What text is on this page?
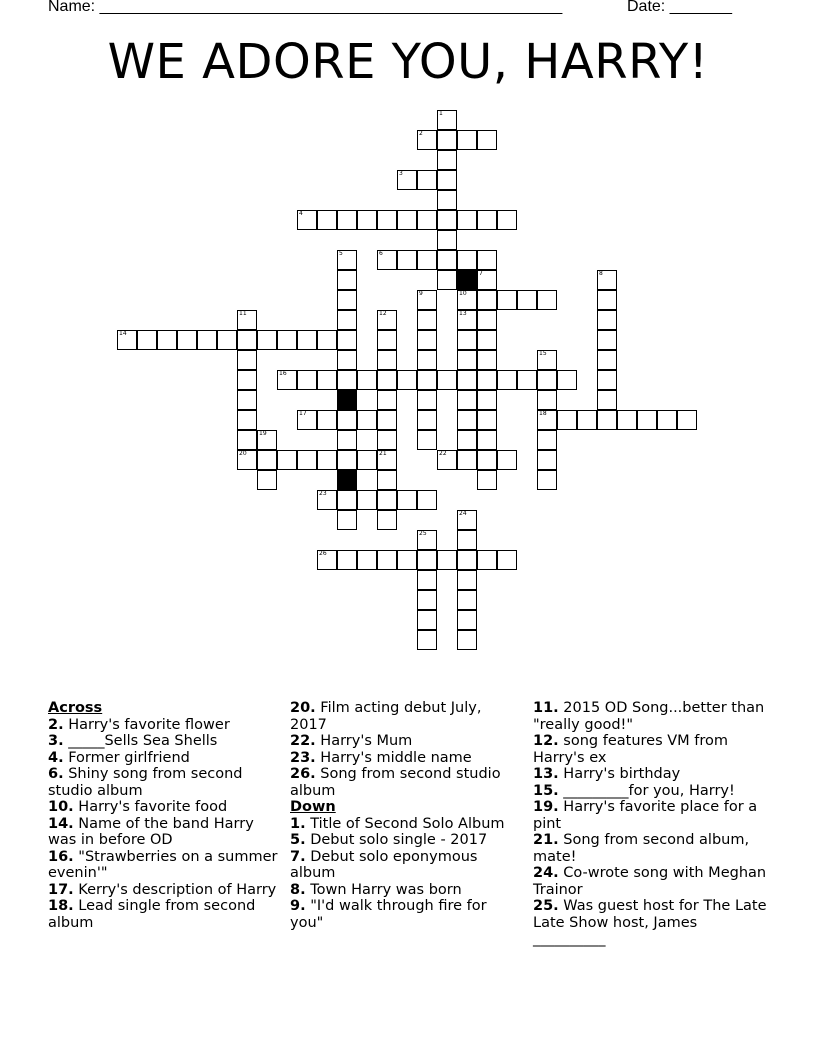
Name: ____________________________________________________	Date: _______
WE ADORE YOU, HARRY!
1
2
3
4
5	6
7	8
9	10
11	12
21
13
14
15
18
16
17
19
20	22
23
24
25
26

Across

2. Harry's favorite flower
3. _____Sells Sea Shells
4. Former girlfriend
6. Shiny song from second studio album
10. Harry's favorite food
14. Name of the band Harry was in before OD
16. "Strawberries on a summer evenin'"
17. Kerry's description of Harry
18. Lead single from second album
20. Film acting debut July, 2017
22. Harry's Mum
23. Harry's middle name
26. Song from second studio album

Down

1. Title of Second Solo Album
5. Debut solo single - 2017
7. Debut solo eponymous album
8. Town Harry was born
9. "I'd walk through fire for you"
11. 2015 OD Song...better than "really good!"
12. song features VM from Harry's ex
13. Harry's birthday
15. _________for you, Harry!
19. Harry's favorite place for a pint
21. Song from second album, mate!
24. Co-wrote song with Meghan Trainor
25. Was guest host for The Late Late Show host, James __________
